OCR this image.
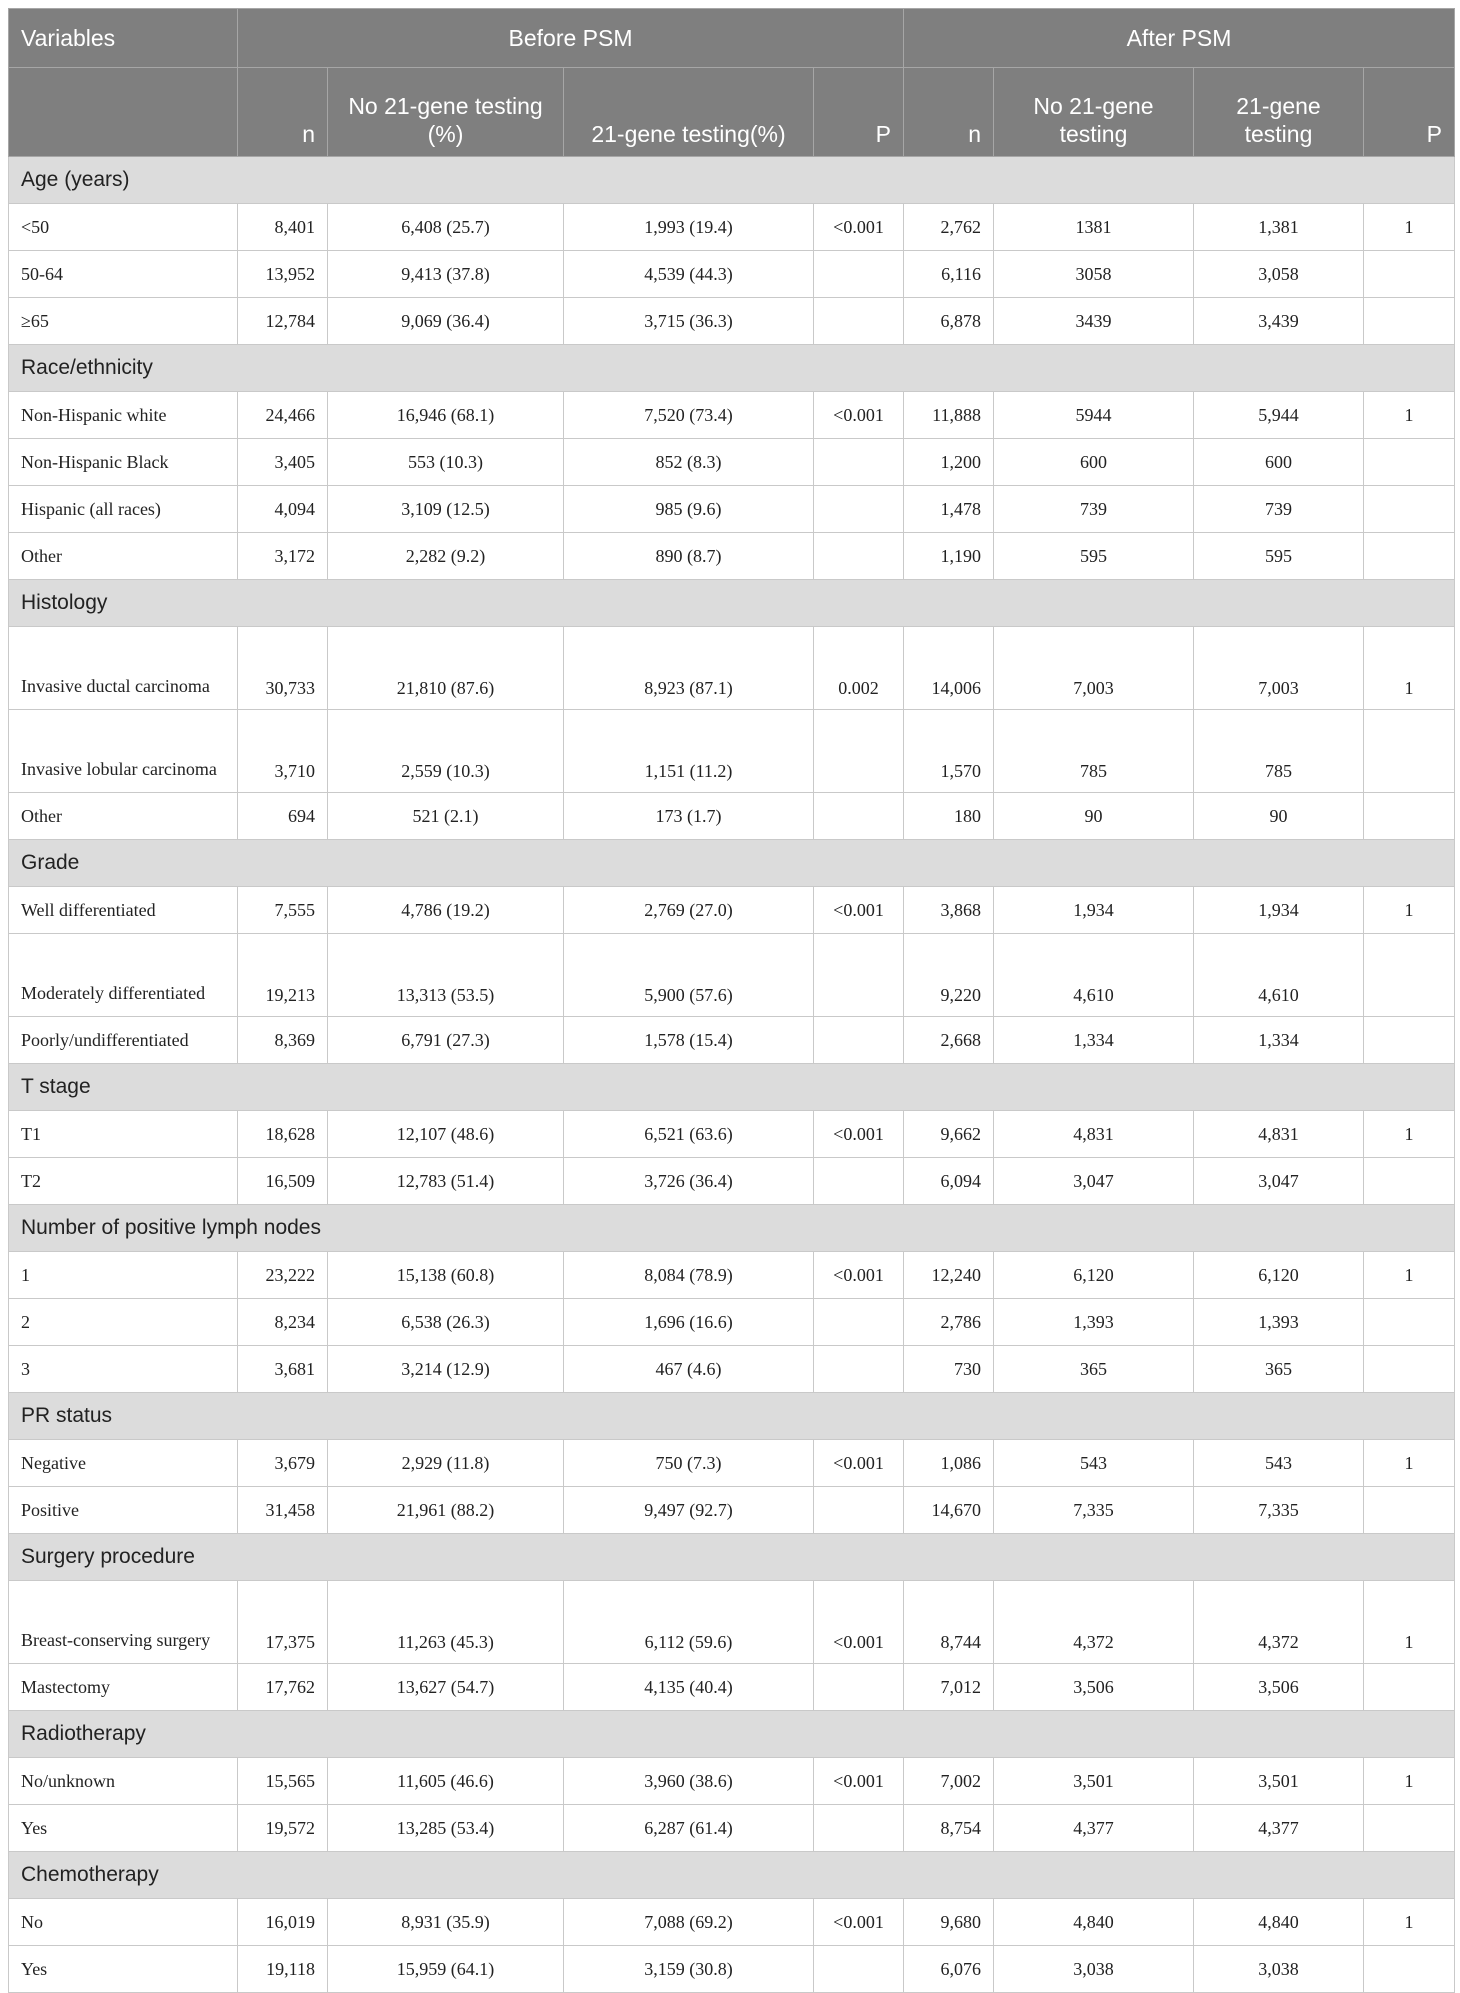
Variables	Before PSM				After PSM			
	n	No 21-gene testing (%)	21-gene testing(%)	P	n	No 21-gene testing	21-gene testing	P
Age (years)								
<50	8,401	6,408 (25.7)	1,993 (19.4)	<0.001	2,762	1381	1,381	1
50-64	13,952	9,413 (37.8)	4,539 (44.3)		6,116	3058	3,058	
≥65	12,784	9,069 (36.4)	3,715 (36.3)		6,878	3439	3,439	
Race/ethnicity								
Non-Hispanic white	24,466	16,946 (68.1)	7,520 (73.4)	<0.001	11,888	5944	5,944	1
Non-Hispanic Black	3,405	553 (10.3)	852 (8.3)		1,200	600	600	
Hispanic (all races)	4,094	3,109 (12.5)	985 (9.6)		1,478	739	739	
Other	3,172	2,282 (9.2)	890 (8.7)		1,190	595	595	
Histology								
Invasive ductal carcinoma	30,733	21,810 (87.6)	8,923 (87.1)	0.002	14,006	7,003	7,003	1
Invasive lobular carcinoma	3,710	2,559 (10.3)	1,151 (11.2)		1,570	785	785	
Other	694	521 (2.1)	173 (1.7)		180	90	90	
Grade								
Well differentiated	7,555	4,786 (19.2)	2,769 (27.0)	<0.001	3,868	1,934	1,934	1
Moderately differentiated	19,213	13,313 (53.5)	5,900 (57.6)		9,220	4,610	4,610	
Poorly/undifferentiated	8,369	6,791 (27.3)	1,578 (15.4)		2,668	1,334	1,334	
T stage								
T1	18,628	12,107 (48.6)	6,521 (63.6)	<0.001	9,662	4,831	4,831	1
T2	16,509	12,783 (51.4)	3,726 (36.4)		6,094	3,047	3,047	
Number of positive lymph nodes								
1	23,222	15,138 (60.8)	8,084 (78.9)	<0.001	12,240	6,120	6,120	1
2	8,234	6,538 (26.3)	1,696 (16.6)		2,786	1,393	1,393	
3	3,681	3,214 (12.9)	467 (4.6)		730	365	365	
PR status								
Negative	3,679	2,929 (11.8)	750 (7.3)	<0.001	1,086	543	543	1
Positive	31,458	21,961 (88.2)	9,497 (92.7)		14,670	7,335	7,335	
Surgery procedure								
Breast-conserving surgery	17,375	11,263 (45.3)	6,112 (59.6)	<0.001	8,744	4,372	4,372	1
Mastectomy	17,762	13,627 (54.7)	4,135 (40.4)		7,012	3,506	3,506	
Radiotherapy								
No/unknown	15,565	11,605 (46.6)	3,960 (38.6)	<0.001	7,002	3,501	3,501	1
Yes	19,572	13,285 (53.4)	6,287 (61.4)		8,754	4,377	4,377	
Chemotherapy								
No	16,019	8,931 (35.9)	7,088 (69.2)	<0.001	9,680	4,840	4,840	1
Yes	19,118	15,959 (64.1)	3,159 (30.8)		6,076	3,038	3,038	
